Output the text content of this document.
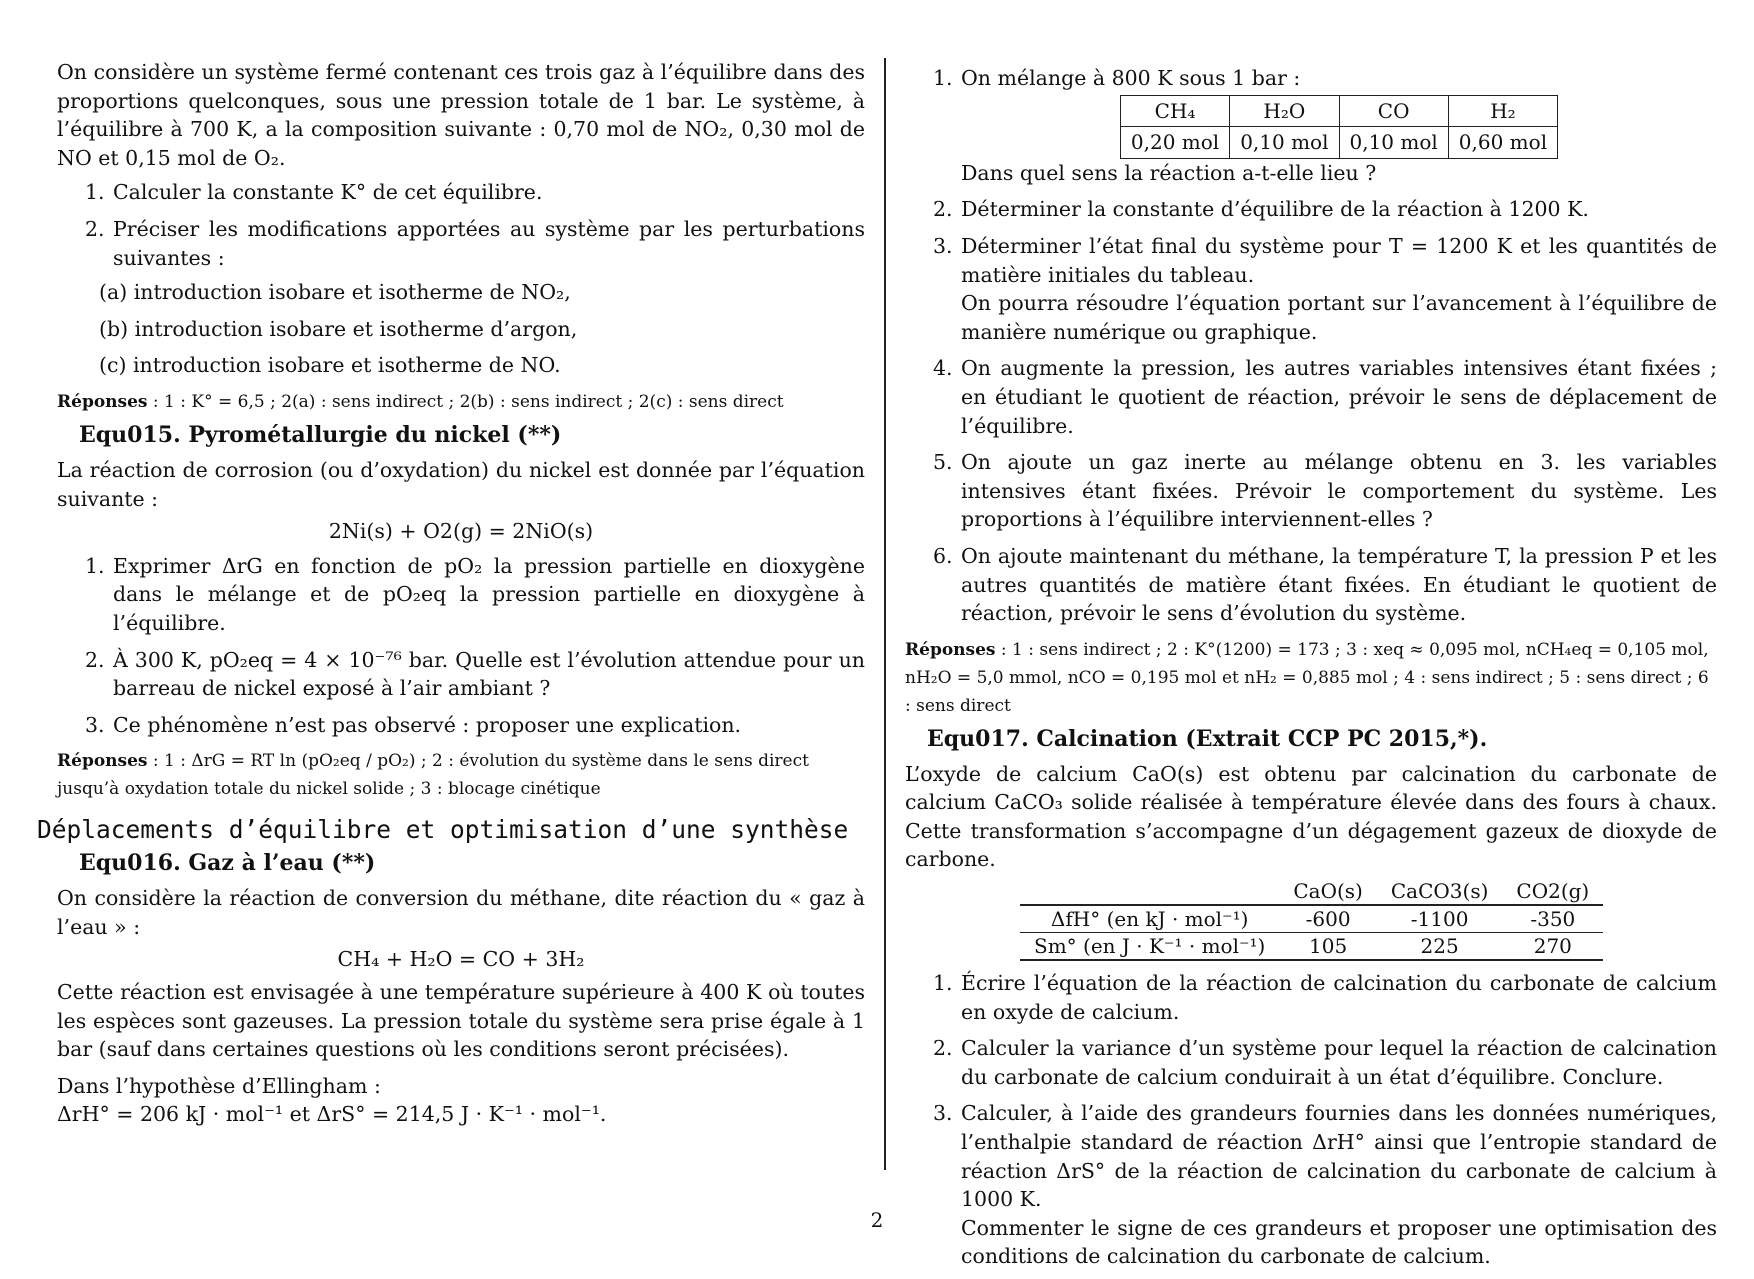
On considère un système fermé contenant ces trois gaz à l’équilibre dans des proportions quelconques, sous une pression totale de 1 bar. Le système, à l’équilibre à 700 K, a la composition suivante : 0,70 mol de NO₂, 0,30 mol de NO et 0,15 mol de O₂.

1. Calculer la constante K° de cet équilibre.
2. Préciser les modifications apportées au système par les perturbations suivantes :
(a) introduction isobare et isotherme de NO₂,
(b) introduction isobare et isotherme d’argon,
(c) introduction isobare et isotherme de NO.

Réponses : 1 : K° = 6,5 ; 2(a) : sens indirect ; 2(b) : sens indirect ; 2(c) : sens direct

Equ015. Pyrométallurgie du nickel (**)

La réaction de corrosion (ou d’oxydation) du nickel est donnée par l’équation suivante :

2Ni(s) + O2(g) = 2NiO(s)

1. Exprimer ΔrG en fonction de pO₂ la pression partielle en dioxygène dans le mélange et de pO₂eq la pression partielle en dioxygène à l’équilibre.
2. À 300 K, pO₂eq = 4 × 10⁻⁷⁶ bar. Quelle est l’évolution attendue pour un barreau de nickel exposé à l’air ambiant ?
3. Ce phénomène n’est pas observé : proposer une explication.

Réponses : 1 : ΔrG = RT ln (pO₂eq / pO₂) ; 2 : évolution du système dans le sens direct jusqu’à oxydation totale du nickel solide ; 3 : blocage cinétique

Déplacements d’équilibre et optimisation d’une synthèse
Equ016. Gaz à l’eau (**)

On considère la réaction de conversion du méthane, dite réaction du « gaz à l’eau » :

CH₄ + H₂O = CO + 3H₂

Cette réaction est envisagée à une température supérieure à 400 K où toutes les espèces sont gazeuses. La pression totale du système sera prise égale à 1 bar (sauf dans certaines questions où les conditions seront précisées).

Dans l’hypothèse d’Ellingham :

ΔrH° = 206 kJ · mol⁻¹ et ΔrS° = 214,5 J · K⁻¹ · mol⁻¹.

1. On mélange à 800 K sous 1 bar :
CH₄	H₂O	CO	H₂
0,20 mol	0,10 mol	0,10 mol	0,60 mol
Dans quel sens la réaction a-t-elle lieu ?
2. Déterminer la constante d’équilibre de la réaction à 1200 K.
3. Déterminer l’état final du système pour T = 1200 K et les quantités de matière initiales du tableau.
On pourra résoudre l’équation portant sur l’avancement à l’équilibre de manière numérique ou graphique.
4. On augmente la pression, les autres variables intensives étant fixées ; en étudiant le quotient de réaction, prévoir le sens de déplacement de l’équilibre.
5. On ajoute un gaz inerte au mélange obtenu en 3. les variables intensives étant fixées. Prévoir le comportement du système. Les proportions à l’équilibre interviennent-elles ?
6. On ajoute maintenant du méthane, la température T, la pression P et les autres quantités de matière étant fixées. En étudiant le quotient de réaction, prévoir le sens d’évolution du système.

Réponses : 1 : sens indirect ; 2 : K°(1200) = 173 ; 3 : xeq ≈ 0,095 mol, nCH₄eq = 0,105 mol, nH₂O = 5,0 mmol, nCO = 0,195 mol et nH₂ = 0,885 mol ; 4 : sens indirect ; 5 : sens direct ; 6 : sens direct

Equ017. Calcination (Extrait CCP PC 2015,*).

L’oxyde de calcium CaO(s) est obtenu par calcination du carbonate de calcium CaCO₃ solide réalisée à température élevée dans des fours à chaux. Cette transformation s’accompagne d’un dégagement gazeux de dioxyde de carbone.

	CaO(s)	CaCO3(s)	CO2(g)
ΔfH° (en kJ · mol⁻¹)	-600	-1100	-350
Sm° (en J · K⁻¹ · mol⁻¹)	105	225	270
1. Écrire l’équation de la réaction de calcination du carbonate de calcium en oxyde de calcium.
2. Calculer la variance d’un système pour lequel la réaction de calcination du carbonate de calcium conduirait à un état d’équilibre. Conclure.
3. Calculer, à l’aide des grandeurs fournies dans les données numériques, l’enthalpie standard de réaction ΔrH° ainsi que l’entropie standard de réaction ΔrS° de la réaction de calcination du carbonate de calcium à 1000 K.
Commenter le signe de ces grandeurs et proposer une optimisation des conditions de calcination du carbonate de calcium.
2
